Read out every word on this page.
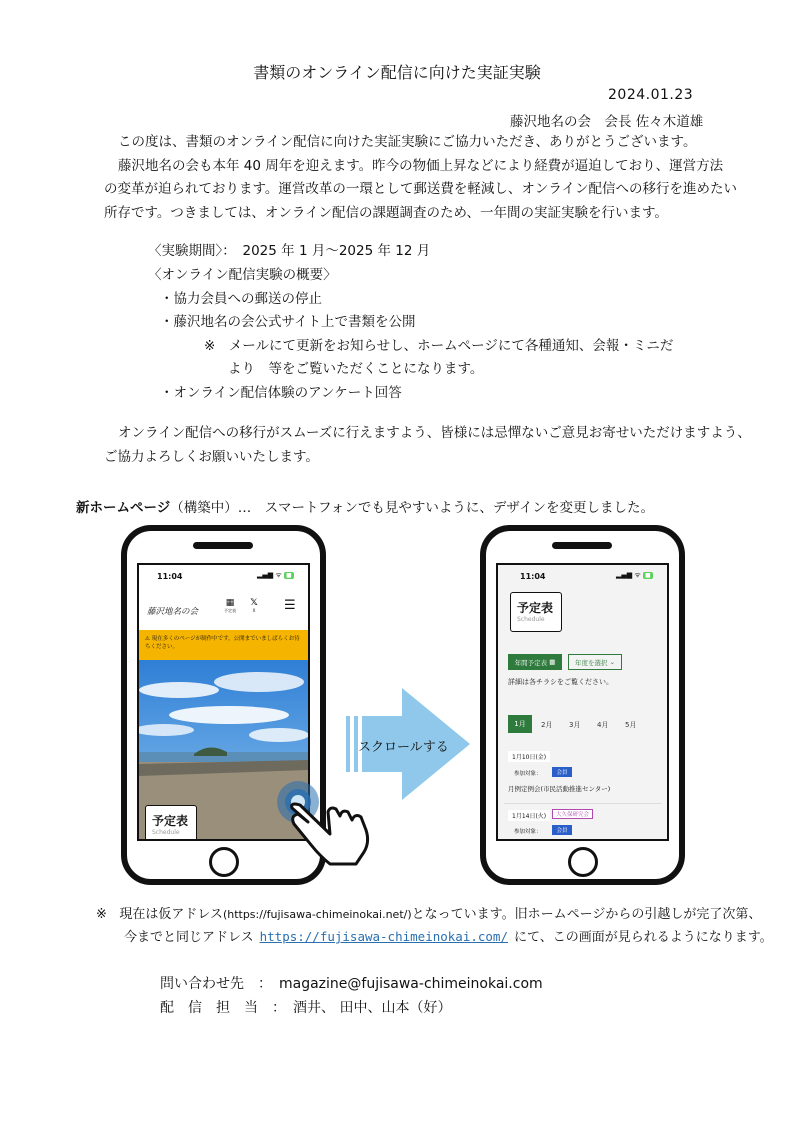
書類のオンライン配信に向けた実証実験
2024.01.23
藤沢地名の会　会長 佐々木道雄
この度は、書類のオンライン配信に向けた実証実験にご協力いただき、ありがとうございます。
藤沢地名の会も本年 40 周年を迎えます。昨今の物価上昇などにより経費が逼迫しており、運営方法
の変革が迫られております。運営改革の一環として郵送費を軽減し、オンライン配信への移行を進めたい
所存です。つきましては、オンライン配信の課題調査のため、一年間の実証実験を行います。
〈実験期間〉：　2025 年 1 月～2025 年 12 月
〈オンライン配信実験の概要〉
・協力会員への郵送の停止
・藤沢地名の会公式サイト上で書類を公開
※　メールにて更新をお知らせし、ホームページにて各種通知、会報・ミニだ
より　等をご覧いただくことになります。
・オンライン配信体験のアンケート回答
オンライン配信への移行がスムーズに行えますよう、皆様には忌憚ないご意見お寄せいただけますよう、
ご協力よろしくお願いいたします。
新ホームページ（構築中）…　スマートフォンでも見やすいように、デザインを変更しました。
11:04	▂▄▆ ᯤ ■
藤沢地名の会
▦
予定表
𝕏
X	☰
⚠ 現在多くのページが制作中です。公開までいましばらくお待ちください。
予定表
Schedule
スクロールする
11:04	▂▄▆ ᯤ ■
予定表
Schedule
年間予定表
▦	年度を選択
⌄
詳細は各チラシをご覧ください。
1月	2月 3月 4月 5月
1月10日(金)
参加対象：	会員
月例定例会(市民活動推進センター)
1月14日(火)	大久保研究会
参加対象：	会員
※ 現在は仮アドレス(https://fujisawa-chimeinokai.net/)となっています。旧ホームページからの引越しが完了次第、
今までと同じアドレス https://fujisawa-chimeinokai.com/ にて、この画面が見られるようになります。
問い合わせ先　：　magazine@fujisawa-chimeinokai.com
配　信　担　当　：　酒井、 田中、山本（好）
